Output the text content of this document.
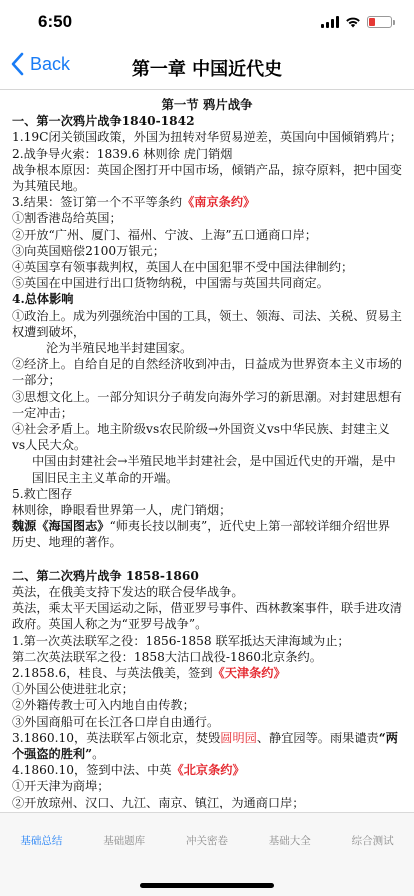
6:50
Back	第一章 中国近代史

第一节 鸦片战争

一、第一次鸦片战争1840-1842

1.19C闭关锁国政策，外国为扭转对华贸易逆差，英国向中国倾销鸦片；

2.战争导火索：1839.6 林则徐 虎门销烟

战争根本原因：英国企图打开中国市场，倾销产品，掠夺原料，把中国变为其殖民地。

3.结果：签订第一个不平等条约《南京条约》

①割香港岛给英国；

②开放“广州、厦门、福州、宁波、上海”五口通商口岸；

③向英国赔偿2100万银元；

④英国享有领事裁判权，英国人在中国犯罪不受中国法律制约；

⑤英国在中国进行出口货物纳税，中国需与英国共同商定。

4.总体影响

①政治上。成为列强统治中国的工具，领土、领海、司法、关税、贸易主权遭到破坏，

沦为半殖民地半封建国家。

②经济上。自给自足的自然经济收到冲击，日益成为世界资本主义市场的一部分；

③思想文化上。一部分知识分子萌发向海外学习的新思潮。对封建思想有一定冲击；

④社会矛盾上。地主阶级vs农民阶级→外国资义vs中华民族、封建主义vs人民大众。

中国由封建社会→半殖民地半封建社会，是中国近代史的开端，是中国旧民主主义革命的开端。

5.救亡图存

林则徐，睁眼看世界第一人，虎门销烟；

魏源《海国图志》“师夷长技以制夷”，近代史上第一部较详细介绍世界历史、地理的著作。

二、第二次鸦片战争 1858-1860

英法，在俄美支持下发达的联合侵华战争。

英法，乘太平天国运动之际，借亚罗号事件、西林教案事件，联手进攻清政府。英国人称之为“亚罗号战争”。

1.第一次英法联军之役：1856-1858 联军抵达天津海域为止；

第二次英法联军之役：1858大沽口战役-1860北京条约。

2.1858.6，桂良、与英法俄美，签到《天津条约》

①外国公使进驻北京；

②外籍传教士可入内地自由传教；

③外国商船可在长江各口岸自由通行。

3.1860.10，英法联军占领北京，焚毁圆明园、静宜园等。雨果谴责“两个强盗的胜利”。

4.1860.10，签到中法、中英《北京条约》

①开天津为商埠；

②开放琼州、汉口、九江、南京、镇江，为通商口岸；

基础总结	基础题库	冲关密卷	基础大全	综合测试
